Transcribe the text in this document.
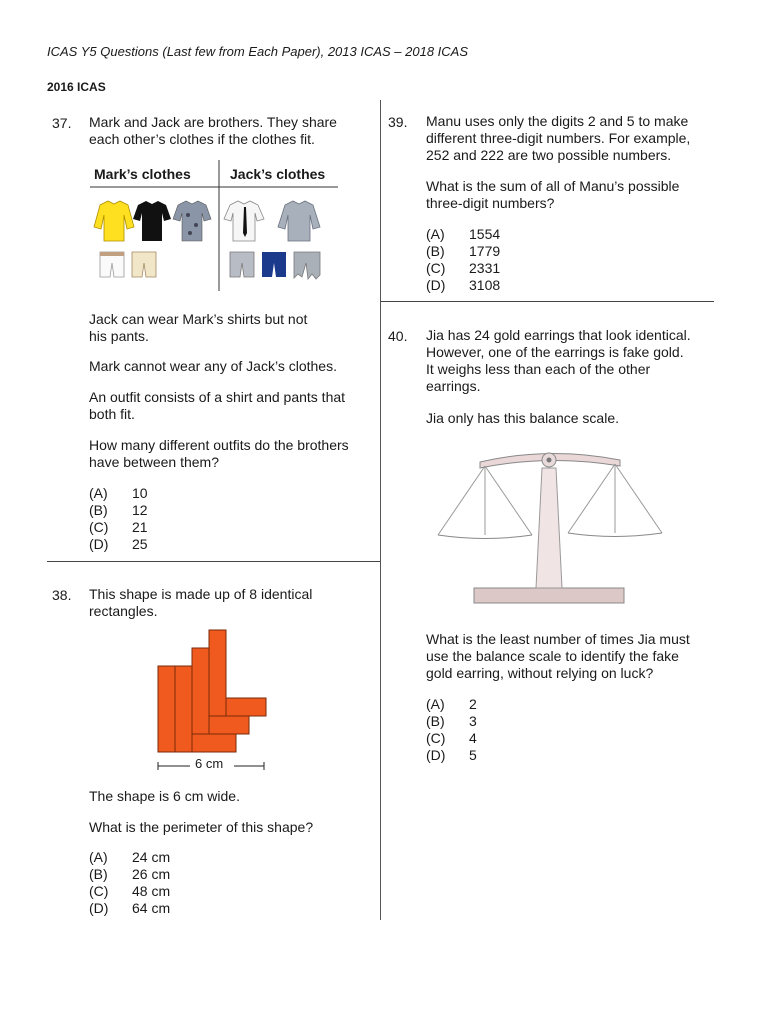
ICAS Y5 Questions (Last few from Each Paper), 2013 ICAS – 2018 ICAS
2016 ICAS
37. Mark and Jack are brothers. They share
each other’s clothes if the clothes fit.
Mark’s clothes	Jack’s clothes
Jack can wear Mark’s shirts but not
his pants.
Mark cannot wear any of Jack’s clothes.
An outfit consists of a shirt and pants that
both fit.
How many different outfits do the brothers
have between them?
(A)	10
(B)	12
(C)	21
(D)	25
38. This shape is made up of 8 identical
rectangles.
6 cm
The shape is 6 cm wide.
What is the perimeter of this shape?
(A)	24 cm
(B)	26 cm
(C)	48 cm
(D)	64 cm
39. Manu uses only the digits 2 and 5 to make
different three-digit numbers. For example,
252 and 222 are two possible numbers.
What is the sum of all of Manu’s possible
three-digit numbers?
(A)	1554
(B)	1779
(C)	2331
(D)	3108
40. Jia has 24 gold earrings that look identical.
However, one of the earrings is fake gold.
It weighs less than each of the other
earrings.
Jia only has this balance scale.
What is the least number of times Jia must
use the balance scale to identify the fake
gold earring, without relying on luck?
(A)	2
(B)	3
(C)	4
(D)	5
